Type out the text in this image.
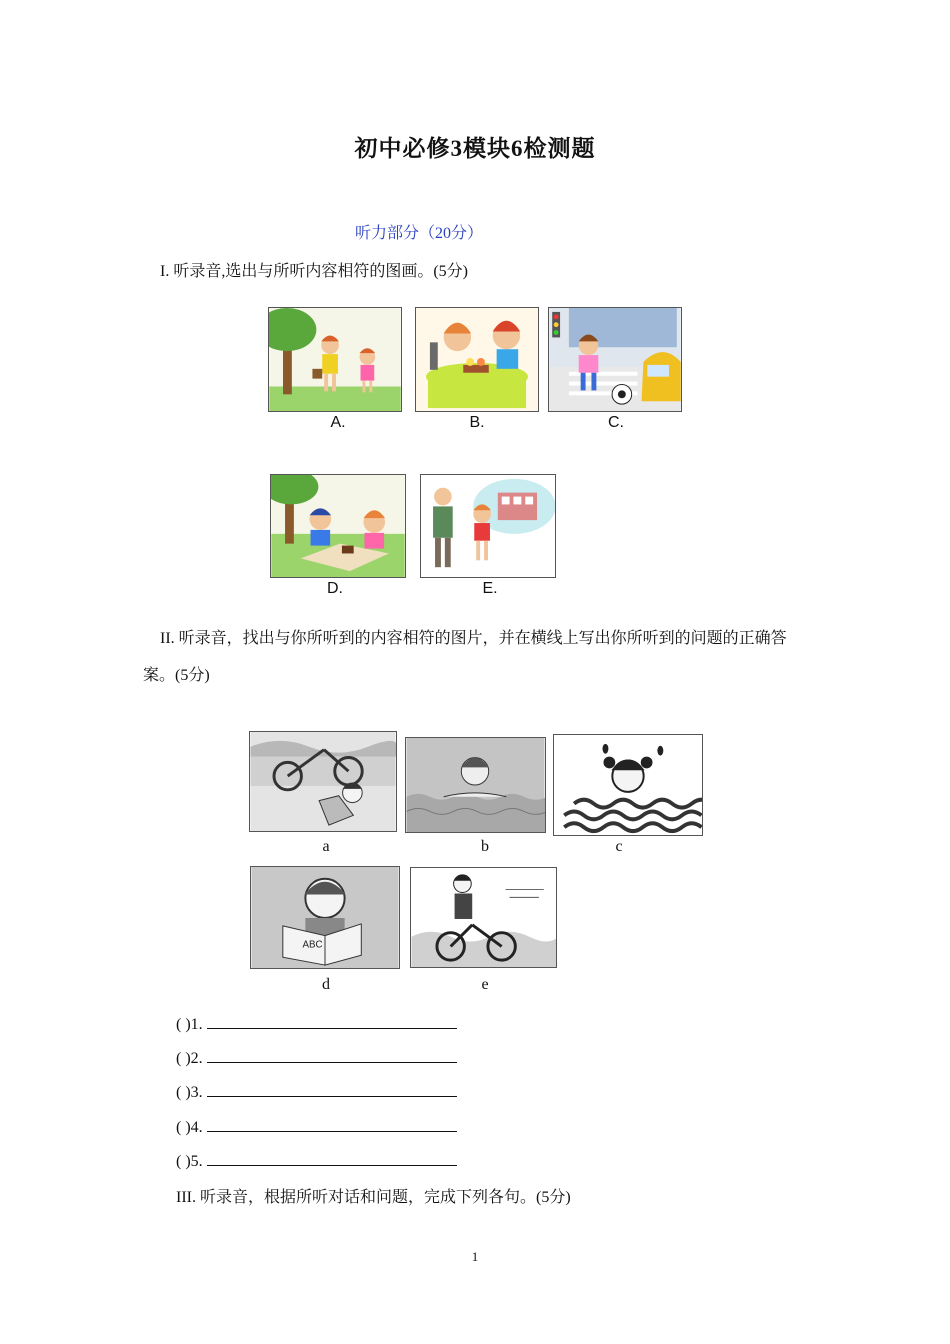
初中必修3模块6检测题
听力部分（20分）
I. 听录音,选出与所听内容相符的图画。(5分)
A.	B.	C.
D.	E.
II. 听录音，找出与你所听到的内容相符的图片，并在横线上写出你所听到的问题的正确答
案。(5分)
a	b	c
ABC
d	e
( )1.
( )2.
( )3.
( )4.
( )5.
III. 听录音，根据所听对话和问题，完成下列各句。(5分)
1
